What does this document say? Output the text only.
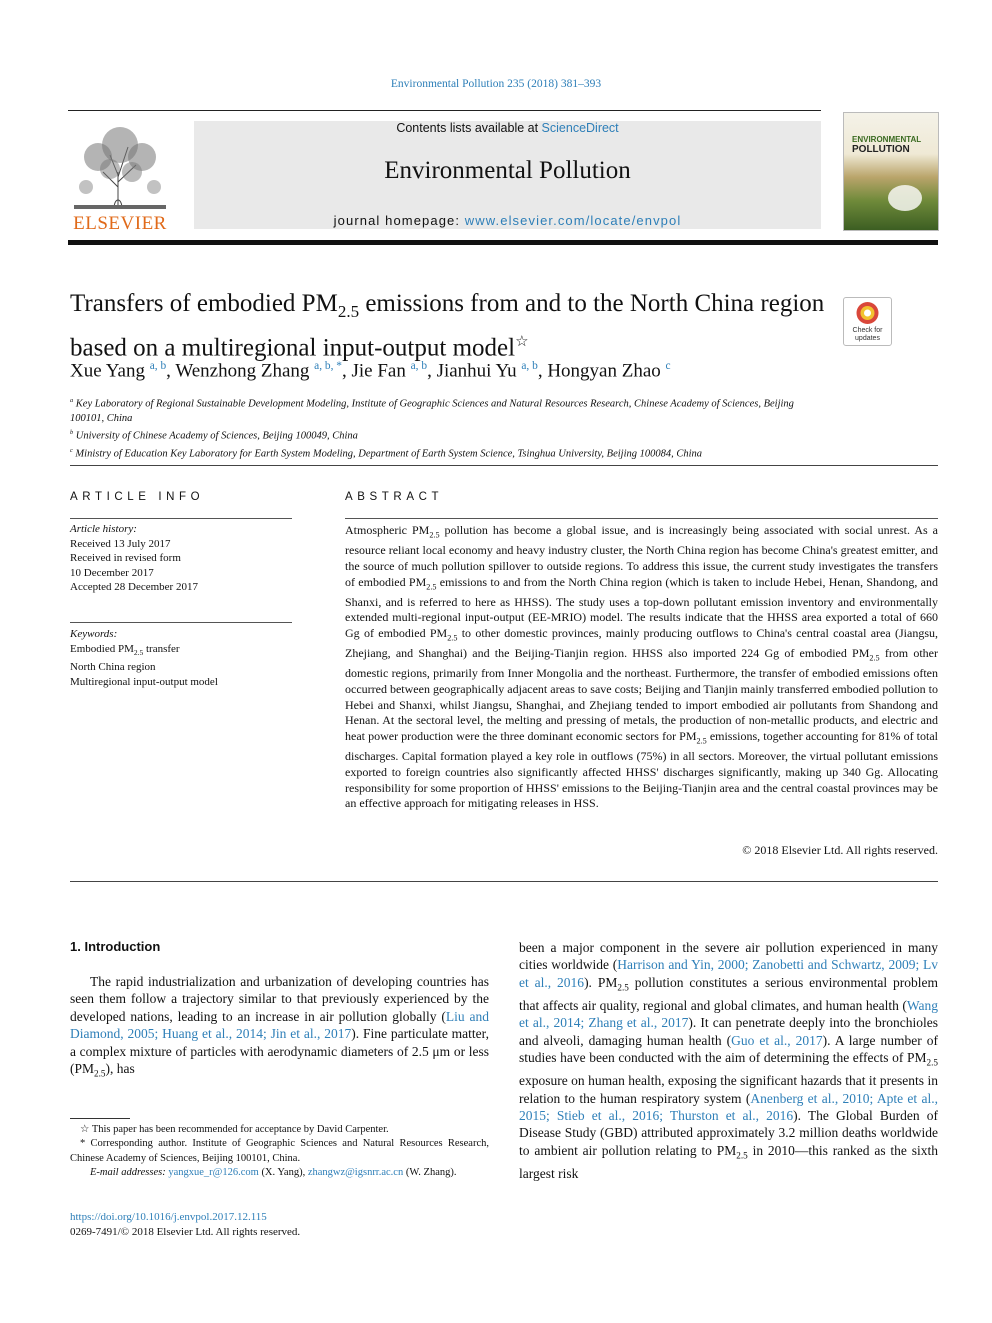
Environmental Pollution 235 (2018) 381–393
ELSEVIER
Contents lists available at ScienceDirect
Environmental Pollution
journal homepage: www.elsevier.com/locate/envpol
ENVIRONMENTAL
POLLUTION
Transfers of embodied $PM_{2.5}$ emissions from and to the North China region based on a multiregional input-output model☆
Check for
updates
Xue Yang $^{a, b}$, Wenzhong Zhang $^{a, b, *}$, Jie Fan $^{a, b}$, Jianhui Yu $^{a, b}$, Hongyan Zhao $^c$
$^a$ Key Laboratory of Regional Sustainable Development Modeling, Institute of Geographic Sciences and Natural Resources Research, Chinese Academy of Sciences, Beijing 100101, China
$^b$ University of Chinese Academy of Sciences, Beijing 100049, China
$^c$ Ministry of Education Key Laboratory for Earth System Modeling, Department of Earth System Science, Tsinghua University, Beijing 100084, China
ARTICLE INFO
Article history:
Received 13 July 2017
Received in revised form
10 December 2017
Accepted 28 December 2017
Keywords:
Embodied $PM_{2.5}$ transfer
North China region
Multiregional input-output model
ABSTRACT
Atmospheric $PM_{2.5}$ pollution has become a global issue, and is increasingly being associated with social unrest. As a resource reliant local economy and heavy industry cluster, the North China region has become China's greatest emitter, and the source of much pollution spillover to outside regions. To address this issue, the current study investigates the transfers of embodied $PM_{2.5}$ emissions to and from the North China region (which is taken to include Hebei, Henan, Shandong, and Shanxi, and is referred to here as HHSS). The study uses a top-down pollutant emission inventory and environmentally extended multi-regional input-output (EE-MRIO) model. The results indicate that the HHSS area exported a total of 660 Gg of embodied $PM_{2.5}$ to other domestic provinces, mainly producing outflows to China's central coastal area (Jiangsu, Zhejiang, and Shanghai) and the Beijing-Tianjin region. HHSS also imported 224 Gg of embodied $PM_{2.5}$ from other domestic regions, primarily from Inner Mongolia and the northeast. Furthermore, the transfer of embodied emissions often occurred between geographically adjacent areas to save costs; Beijing and Tianjin mainly transferred embodied pollution to Hebei and Shanxi, whilst Jiangsu, Shanghai, and Zhejiang tended to import embodied air pollutants from Shandong and Henan. At the sectoral level, the melting and pressing of metals, the production of non-metallic products, and electric and heat power production were the three dominant economic sectors for $PM_{2.5}$ emissions, together accounting for 81% of total discharges. Capital formation played a key role in outflows (75%) in all sectors. Moreover, the virtual pollutant emissions exported to foreign countries also significantly affected HHSS' discharges significantly, making up 340 Gg. Allocating responsibility for some proportion of HHSS' emissions to the Beijing-Tianjin area and the central coastal provinces may be an effective approach for mitigating releases in HSS.
© 2018 Elsevier Ltd. All rights reserved.
1. Introduction
The rapid industrialization and urbanization of developing countries has seen them follow a trajectory similar to that previously experienced by the developed nations, leading to an increase in air pollution globally (Liu and Diamond, 2005; Huang et al., 2014; Jin et al., 2017). Fine particulate matter, a complex mixture of particles with aerodynamic diameters of 2.5 μm or less $(PM_{2.5})$, has
been a major component in the severe air pollution experienced in many cities worldwide (Harrison and Yin, 2000; Zanobetti and Schwartz, 2009; Lv et al., 2016). $PM_{2.5}$ pollution constitutes a serious environmental problem that affects air quality, regional and global climates, and human health (Wang et al., 2014; Zhang et al., 2017). It can penetrate deeply into the bronchioles and alveoli, damaging human health (Guo et al., 2017). A large number of studies have been conducted with the aim of determining the effects of $PM_{2.5}$ exposure on human health, exposing the significant hazards that it presents in relation to the human respiratory system (Anenberg et al., 2010; Apte et al., 2015; Stieb et al., 2016; Thurston et al., 2016). The Global Burden of Disease Study (GBD) attributed approximately 3.2 million deaths worldwide to ambient air pollution relating to $PM_{2.5}$ in 2010—this ranked as the sixth largest risk
☆ This paper has been recommended for acceptance by David Carpenter.
* Corresponding author. Institute of Geographic Sciences and Natural Resources Research, Chinese Academy of Sciences, Beijing 100101, China.
E-mail addresses: yangxue_r@126.com (X. Yang), zhangwz@igsnrr.ac.cn (W. Zhang).
https://doi.org/10.1016/j.envpol.2017.12.115
0269-7491/© 2018 Elsevier Ltd. All rights reserved.
